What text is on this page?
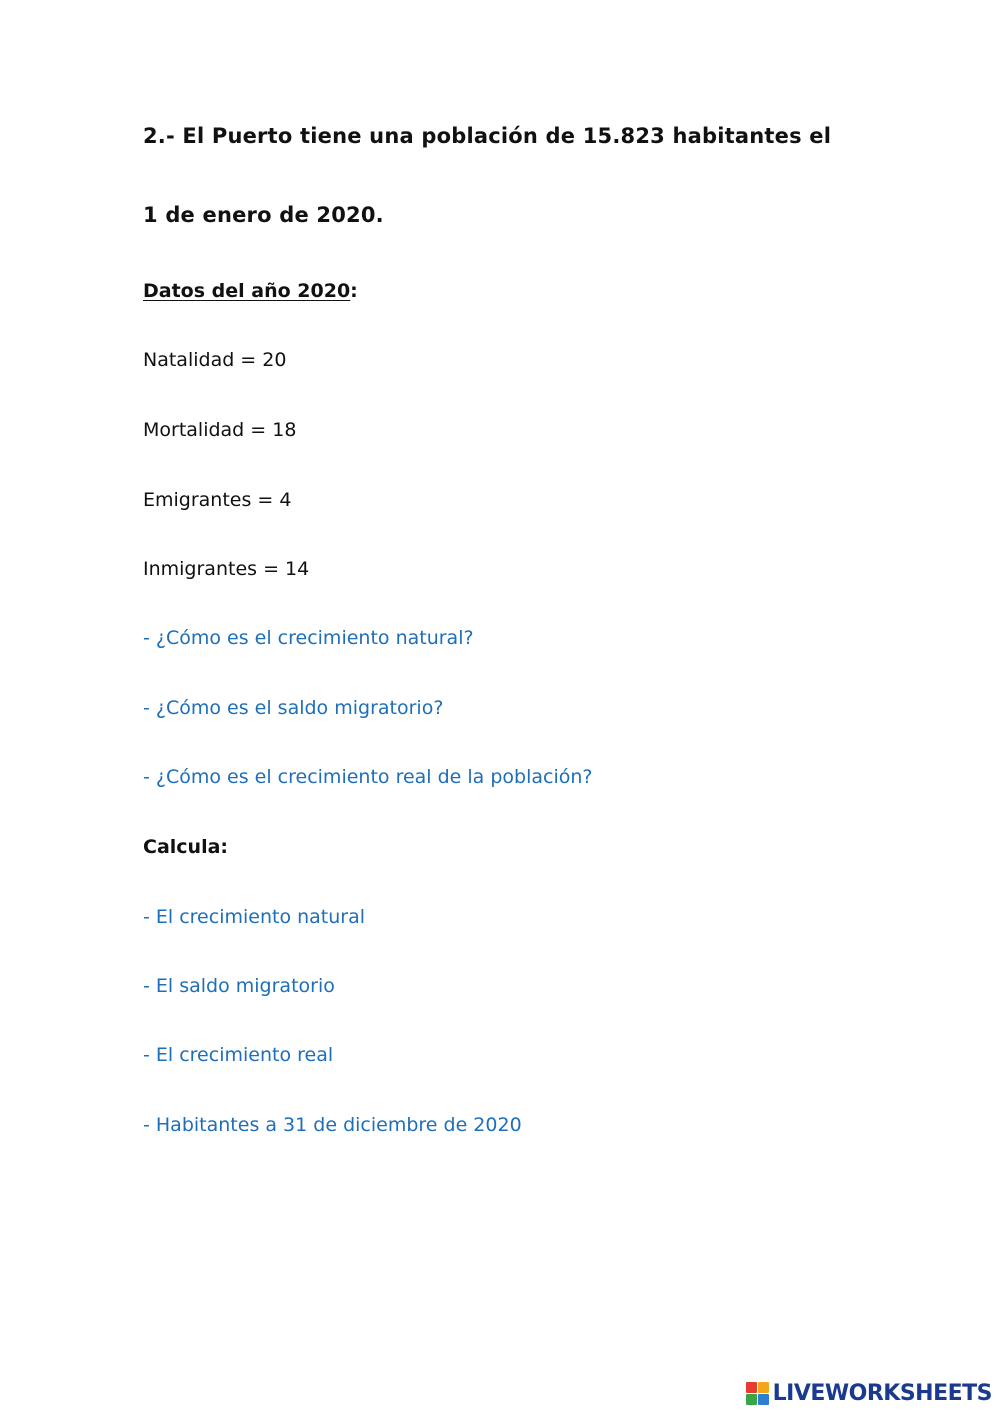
2.- El Puerto tiene una población de 15.823 habitantes el
1 de enero de 2020.
Datos del año 2020:
Natalidad = 20
Mortalidad = 18
Emigrantes = 4
Inmigrantes = 14
- ¿Cómo es el crecimiento natural?
- ¿Cómo es el saldo migratorio?
- ¿Cómo es el crecimiento real de la población?
Calcula:
- El crecimiento natural
- El saldo migratorio
- El crecimiento real
- Habitantes a 31 de diciembre de 2020
LIVEWORKSHEETS
